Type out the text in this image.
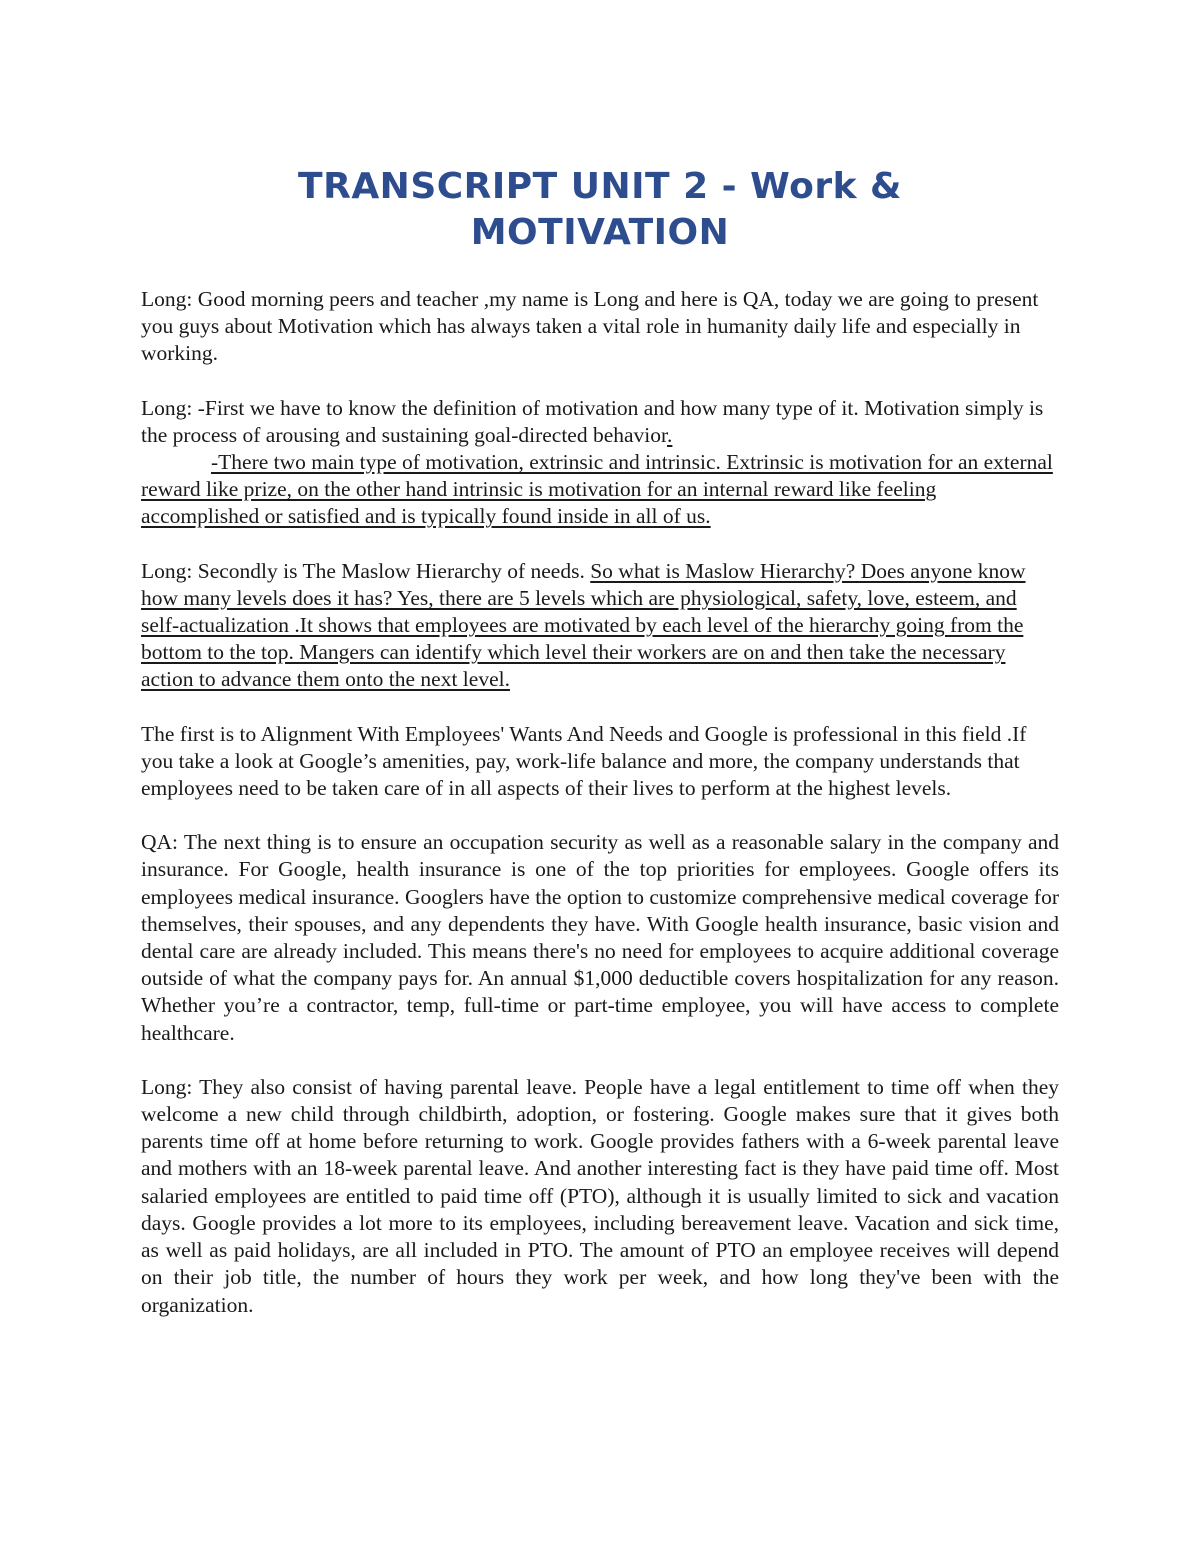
TRANSCRIPT UNIT 2 - Work &
MOTIVATION

Long: Good morning peers and teacher ,my name is Long and here is QA, today we are going to present you guys about Motivation which has always taken a vital role in humanity daily life and especially in working.

Long: -First we have to know the definition of motivation and how many type of it. Motivation simply is the process of arousing and sustaining goal-directed behavior.
-There two main type of motivation, extrinsic and intrinsic. Extrinsic is motivation for an external reward like prize, on the other hand intrinsic is motivation for an internal reward like feeling accomplished or satisfied and is typically found inside in all of us.

Long: Secondly is The Maslow Hierarchy of needs. So what is Maslow Hierarchy? Does anyone know how many levels does it has? Yes, there are 5 levels which are physiological, safety, love, esteem, and self-actualization .It shows that employees are motivated by each level of the hierarchy going from the bottom to the top. Mangers can identify which level their workers are on and then take the necessary action to advance them onto the next level.

The first is to Alignment With Employees' Wants And Needs and Google is professional in this field .If you take a look at Google’s amenities, pay, work-life balance and more, the company understands that employees need to be taken care of in all aspects of their lives to perform at the highest levels.

QA: The next thing is to ensure an occupation security as well as a reasonable salary in the company and insurance. For Google, health insurance is one of the top priorities for employees. Google offers its employees medical insurance. Googlers have the option to customize comprehensive medical coverage for themselves, their spouses, and any dependents they have. With Google health insurance, basic vision and dental care are already included. This means there's no need for employees to acquire additional coverage outside of what the company pays for. An annual $1,000 deductible covers hospitalization for any reason. Whether you’re a contractor, temp, full-time or part-time employee, you will have access to complete healthcare.

Long: They also consist of having parental leave. People have a legal entitlement to time off when they welcome a new child through childbirth, adoption, or fostering. Google makes sure that it gives both parents time off at home before returning to work. Google provides fathers with a 6-week parental leave and mothers with an 18-week parental leave. And another interesting fact is they have paid time off. Most salaried employees are entitled to paid time off (PTO), although it is usually limited to sick and vacation days. Google provides a lot more to its employees, including bereavement leave. Vacation and sick time, as well as paid holidays, are all included in PTO. The amount of PTO an employee receives will depend on their job title, the number of hours they work per week, and how long they've been with the organization.
